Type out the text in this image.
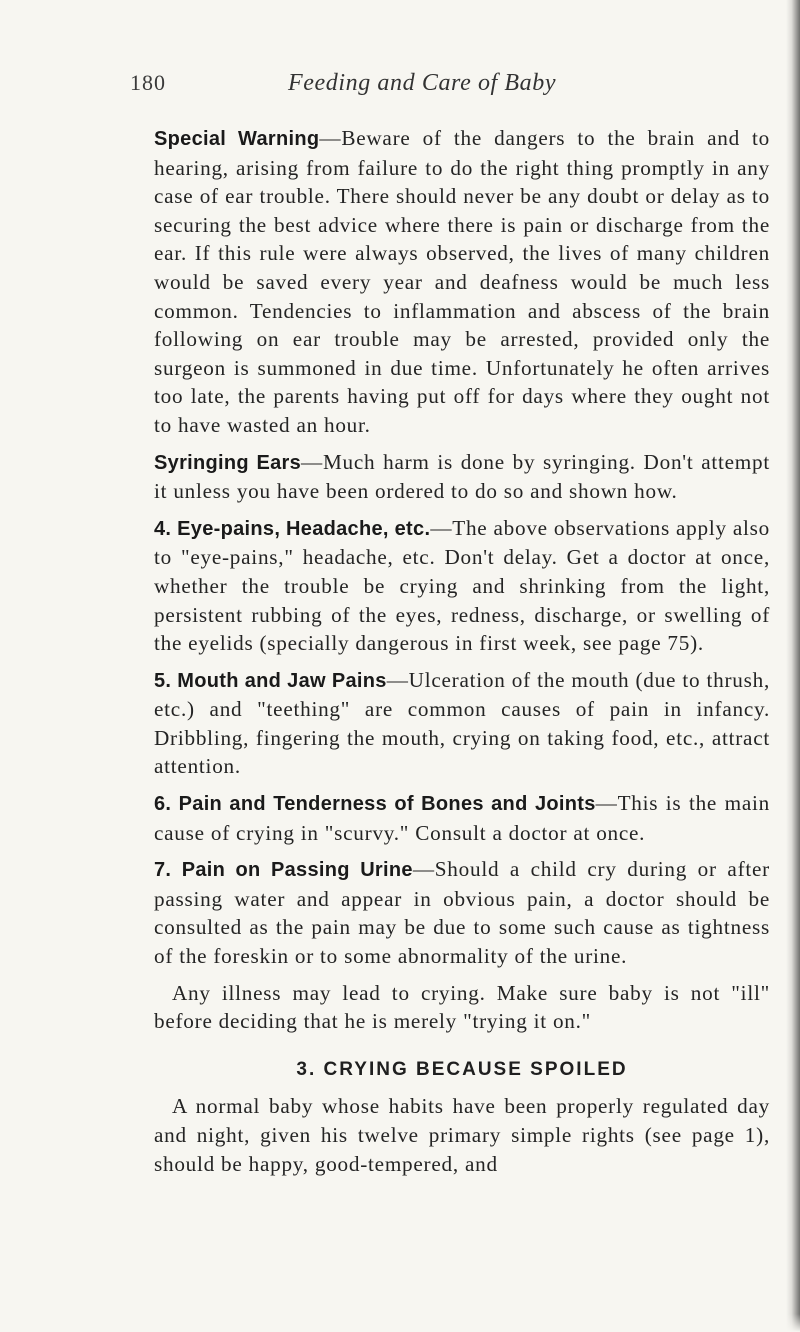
180	Feeding and Care of Baby

Special Warning—Beware of the dangers to the brain and to hearing, arising from failure to do the right thing promptly in any case of ear trouble. There should never be any doubt or delay as to securing the best advice where there is pain or discharge from the ear. If this rule were always observed, the lives of many children would be saved every year and deafness would be much less common. Tendencies to inflammation and abscess of the brain following on ear trouble may be arrested, provided only the surgeon is summoned in due time. Unfortunately he often arrives too late, the parents having put off for days where they ought not to have wasted an hour.

Syringing Ears—Much harm is done by syringing. Don't attempt it unless you have been ordered to do so and shown how.

4. Eye-pains, Headache, etc.—The above observations apply also to "eye-pains," headache, etc. Don't delay. Get a doctor at once, whether the trouble be crying and shrinking from the light, persistent rubbing of the eyes, redness, discharge, or swelling of the eyelids (specially dangerous in first week, see page 75).

5. Mouth and Jaw Pains—Ulceration of the mouth (due to thrush, etc.) and "teething" are common causes of pain in infancy. Dribbling, fingering the mouth, crying on taking food, etc., attract attention.

6. Pain and Tenderness of Bones and Joints—This is the main cause of crying in "scurvy." Consult a doctor at once.

7. Pain on Passing Urine—Should a child cry during or after passing water and appear in obvious pain, a doctor should be consulted as the pain may be due to some such cause as tightness of the foreskin or to some abnormality of the urine.

Any illness may lead to crying. Make sure baby is not "ill" before deciding that he is merely "trying it on."

3. CRYING BECAUSE SPOILED

A normal baby whose habits have been properly regulated day and night, given his twelve primary simple rights (see page 1), should be happy, good-tempered, and
